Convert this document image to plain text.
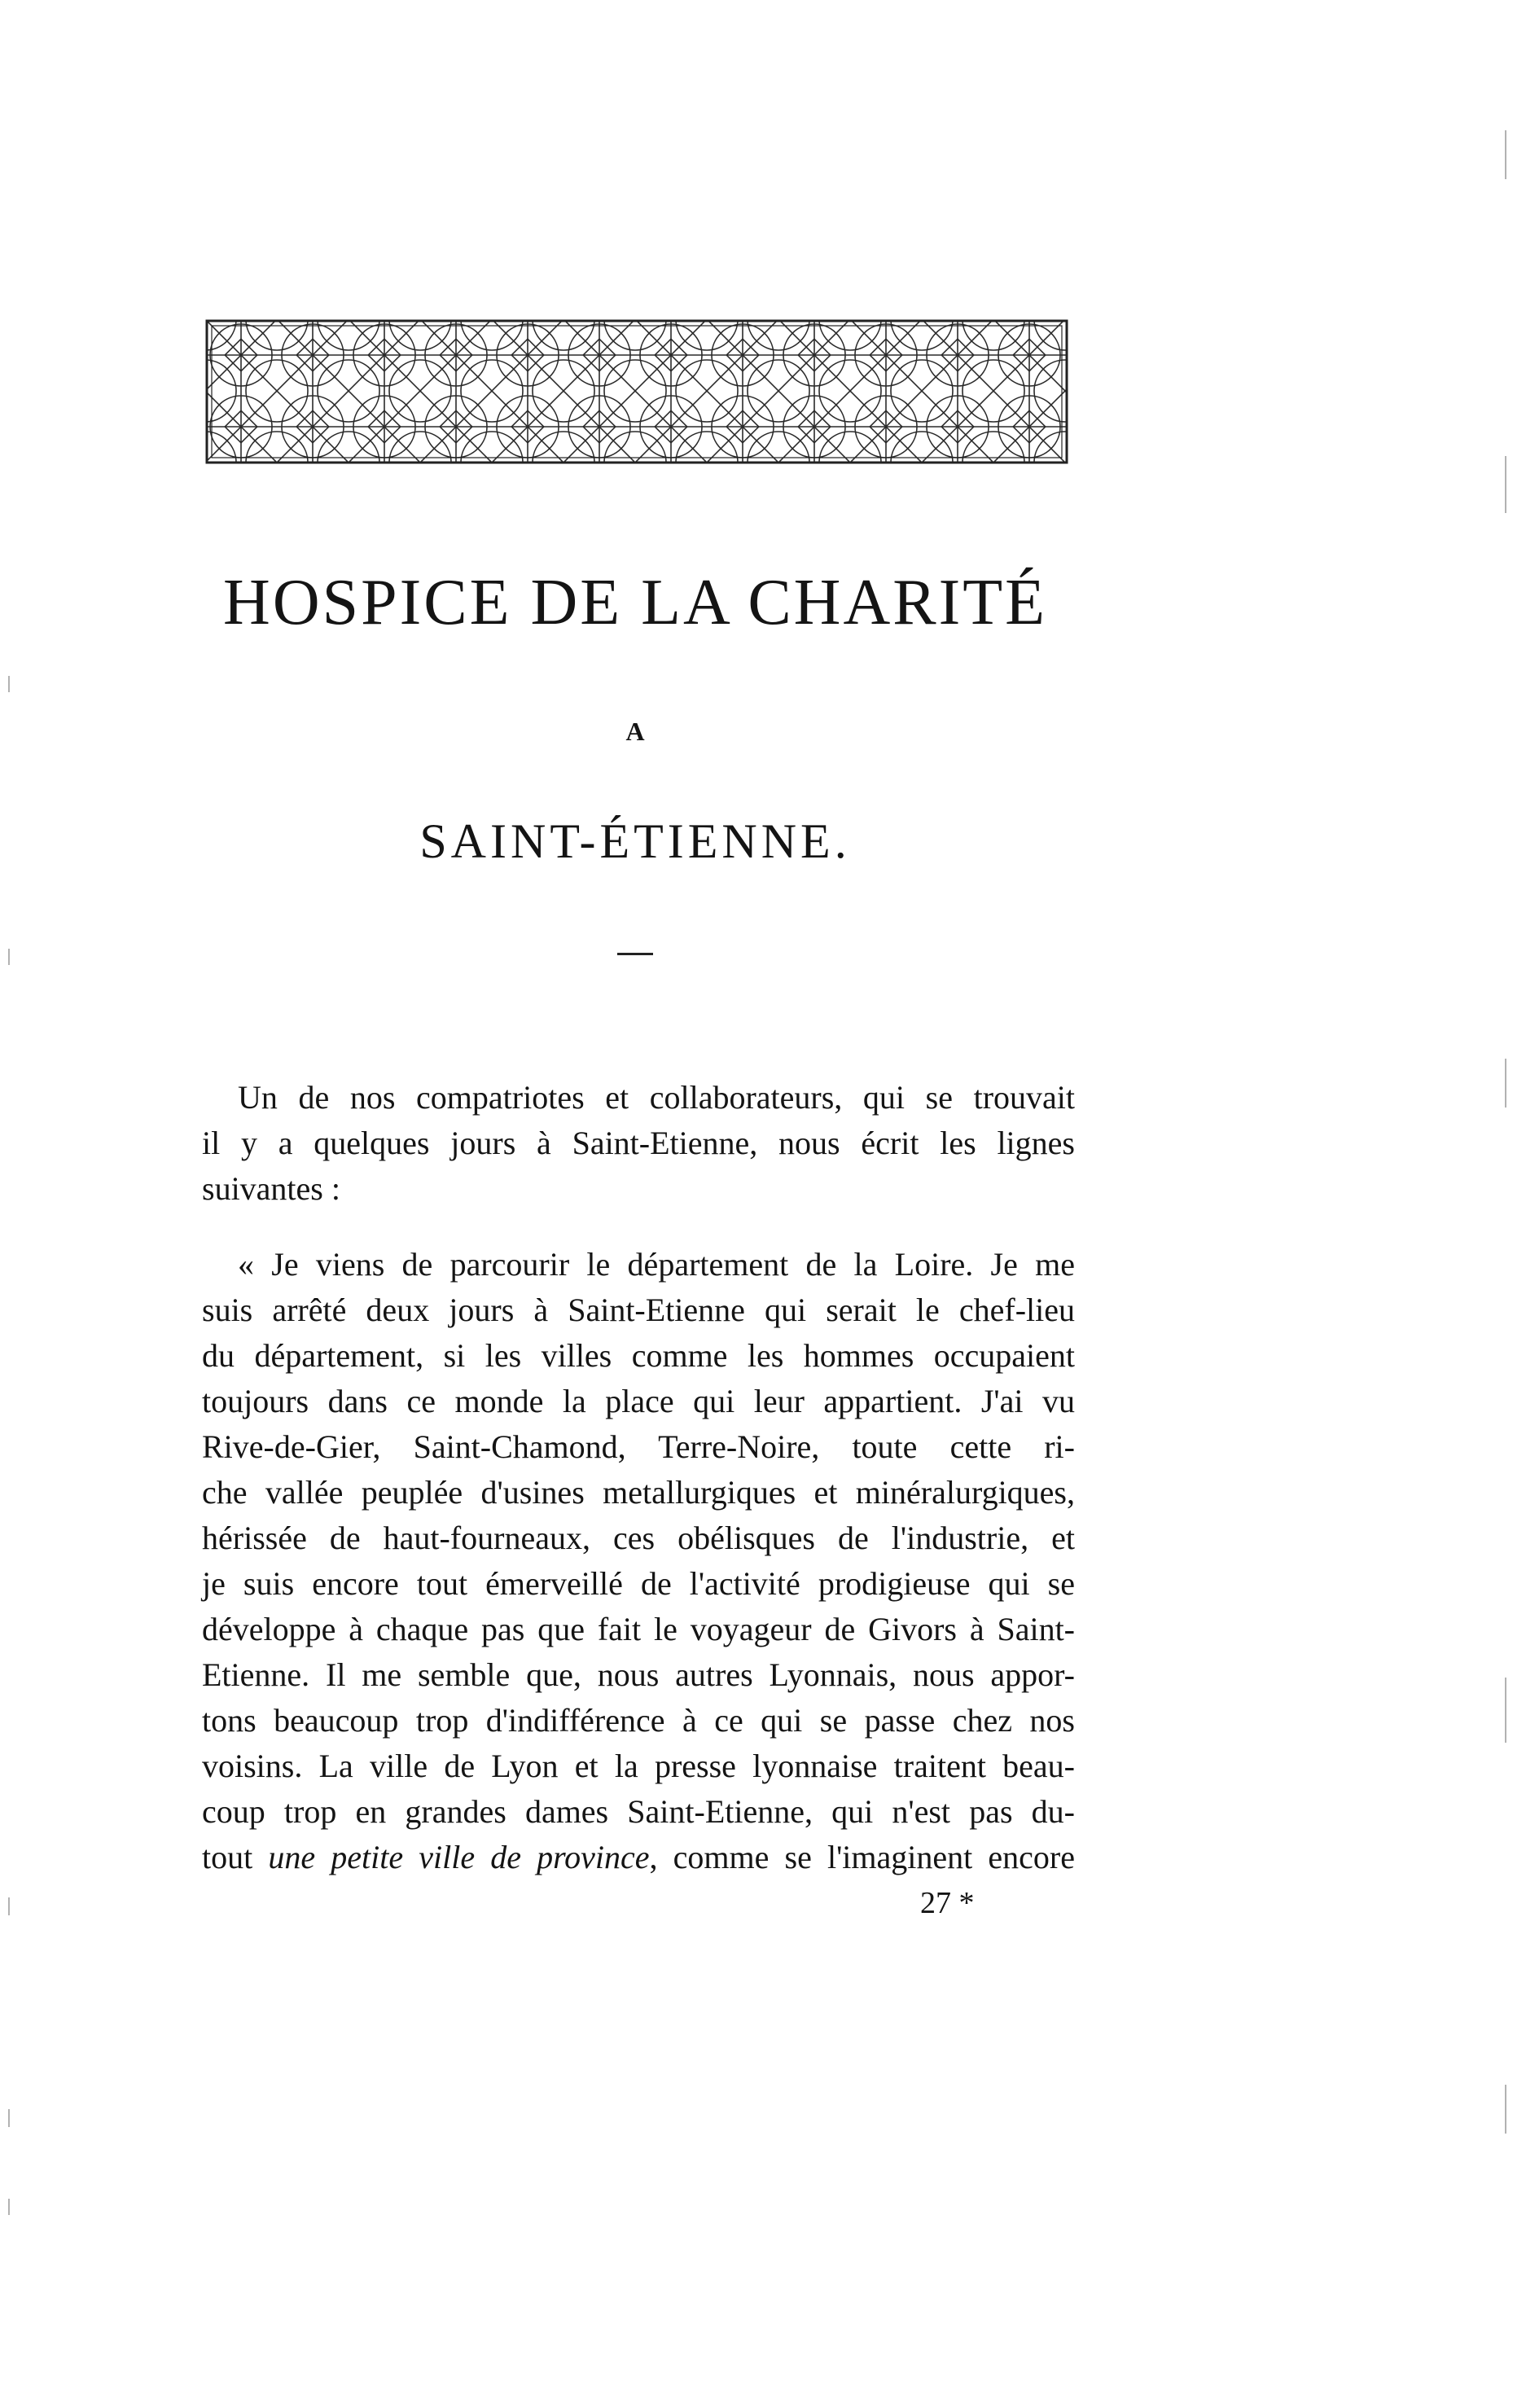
HOSPICE DE LA CHARITÉ
A
SAINT-ÉTIENNE.

Un de nos compatriotes et collaborateurs, qui se trouvait
il y a quelques jours à Saint-Etienne, nous écrit les lignes
suivantes :

« Je viens de parcourir le département de la Loire. Je me
suis arrêté deux jours à Saint-Etienne qui serait le chef-lieu
du département, si les villes comme les hommes occupaient
toujours dans ce monde la place qui leur appartient. J'ai vu
Rive-de-Gier, Saint-Chamond, Terre-Noire, toute cette ri-
che vallée peuplée d'usines metallurgiques et minéralurgiques,
hérissée de haut-fourneaux, ces obélisques de l'industrie, et
je suis encore tout émerveillé de l'activité prodigieuse qui se
développe à chaque pas que fait le voyageur de Givors à Saint-
Etienne. Il me semble que, nous autres Lyonnais, nous appor-
tons beaucoup trop d'indifférence à ce qui se passe chez nos
voisins. La ville de Lyon et la presse lyonnaise traitent beau-
coup trop en grandes dames Saint-Etienne, qui n'est pas du-
tout une petite ville de province, comme se l'imaginent encore

27 *
